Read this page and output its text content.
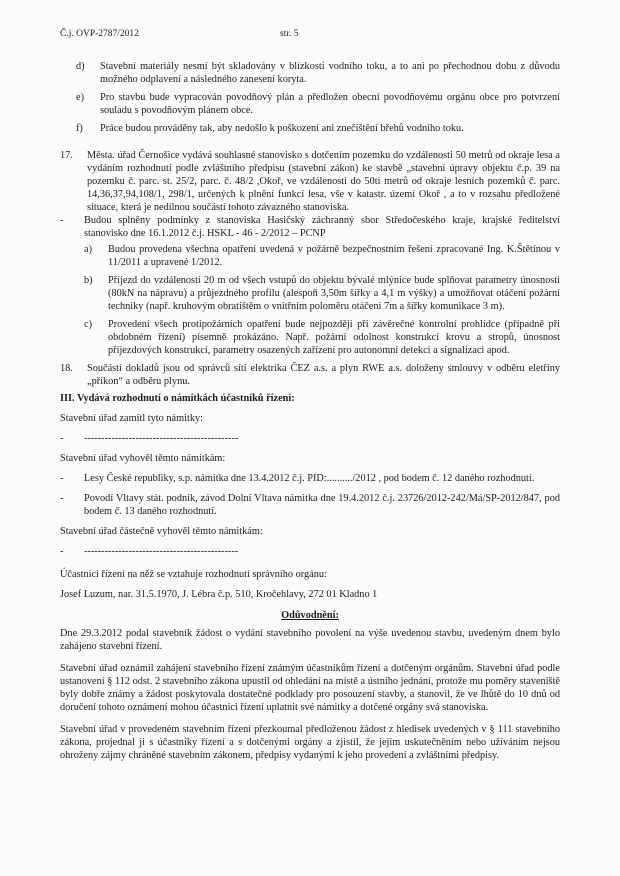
Č.j. OVP-2787/2012	str. 5
d)	Stavební materiály nesmí být skladovány v blízkosti vodního toku, a to ani po přechodnou dobu z důvodu možného odplavení a následného zanesení koryta.
e)	Pro stavbu bude vypracován povodňový plán a předložen obecní povodňovému orgánu obce pro potvrzení souladu s povodňovým plánem obce.
f)	Práce budou prováděny tak, aby nedošlo k poškození ani znečištění břehů vodního toku.
17.	Města. úřad Černošice vydává souhlasné stanovisko s dotčením pozemku do vzdálenosti 50 metrů od okraje lesa a vydáním rozhodnutí podle zvláštního předpisu (stavební zákon) ke stavbě „stavební úpravy objektu č.p. 39 na pozemku č. parc. st. 25/2, parc. č. 48/2 ,Okoř, ve vzdálenosti do 50ti metrů od okraje lesních pozemků č. parc. 14,36,37,94,108/1, 298/1, určených k plnění funkcí lesa, vše v katastr. území Okoř , a to v rozsahu předložené situace, která je nedílnou součástí tohoto závazného stanoviska.
-	Budou splněny podmínky z stanoviska Hasičský záchranný sbor Středočeského kraje, krajské ředitelství stanovisko dne 16.1.2012 č.j. HSKL - 46 - 2/2012 – PCNP
a)	Budou provedena všechna opatření uvedená v požárně bezpečnostním řešení zpracované Ing. K.Štětínou v 11/2011 a upravené 1/2012.
b)	Příjezd do vzdálenosti 20 m od všech vstupů do objektu bývalé mlýnice bude splňovat parametry únosnosti (80kN na nápravu) a průjezdného profilu (alespoň 3,50m šířky a 4,1 m výšky) a umožňovat otáčení požární techniky (např. kruhovým obratištěm o vnitřním poloměru otáčení 7m a šířky komunikace 3 m).
c)	Provedení všech protipožárních opatření bude nejpozději při závěrečné kontrolní prohlídce (případně při obdobném řízení) písemně prokázáno. Např. požární odolnost konstrukcí krovu a stropů, únosnost příjezdových konstrukcí, parametry osazených zařízení pro autonomní detekci a signalizaci apod.
18.	Součástí dokladů jsou od správců sítí elektrika ČEZ a.s. a plyn RWE a.s. doloženy smlouvy v odběru eletřiny „příkon“ a odběru plynu.

III. Vydává rozhodnutí o námitkách účastníků řízení:

Stavební úřad zamítl tyto námitky:

-	---------------------------------------------

Stavební úřad vyhověl těmto námitkám:

-	Lesy České republiky, s.p. námitka dne 13.4.2012 č.j. PID:........../2012 , pod bodem č. 12 daného rozhodnutí.
-	Povodí Vltavy stát. podnik, závod Dolní Vltava námitka dne 19.4.2012 č.j. 23726/2012-242/Má/SP-2012/847, pod bodem č. 13 daného rozhodnutí.

Stavební úřad částečně vyhověl těmto námitkám:

-	---------------------------------------------

Účastníci řízení na něž se vztahuje rozhodnutí správního orgánu:

Josef Luzum, nar. 31.5.1970, J. Lébra č.p. 510, Kročehlavy, 272 01 Kladno 1

Odůvodnění:

Dne 29.3.2012 podal stavebník žádost o vydání stavebního povolení na výše uvedenou stavbu, uvedeným dnem bylo zahájeno stavební řízení.

Stavební úřad oznámil zahájení stavebního řízení známým účastníkům řízení a dotčeným orgánům. Stavební úřad podle ustanovení § 112 odst. 2 stavebního zákona upustil od ohledání na místě a ústního jednání, protože mu poměry staveniště byly dobře známy a žádost poskytovala dostatečné podklady pro posouzení stavby, a stanovil, že ve lhůtě do 10 dnů od doručení tohoto oznámení mohou účastníci řízení uplatnit své námitky a dotčené orgány svá stanoviska.

Stavební úřad v provedeném stavebním řízení přezkoumal předloženou žádost z hledisek uvedených v § 111 stavebního zákona, projednal ji s účastníky řízení a s dotčenými orgány a zjistil, že jejím uskutečněním nebo užíváním nejsou ohroženy zájmy chráněné stavebním zákonem, předpisy vydanými k jeho provedení a zvláštními předpisy.
